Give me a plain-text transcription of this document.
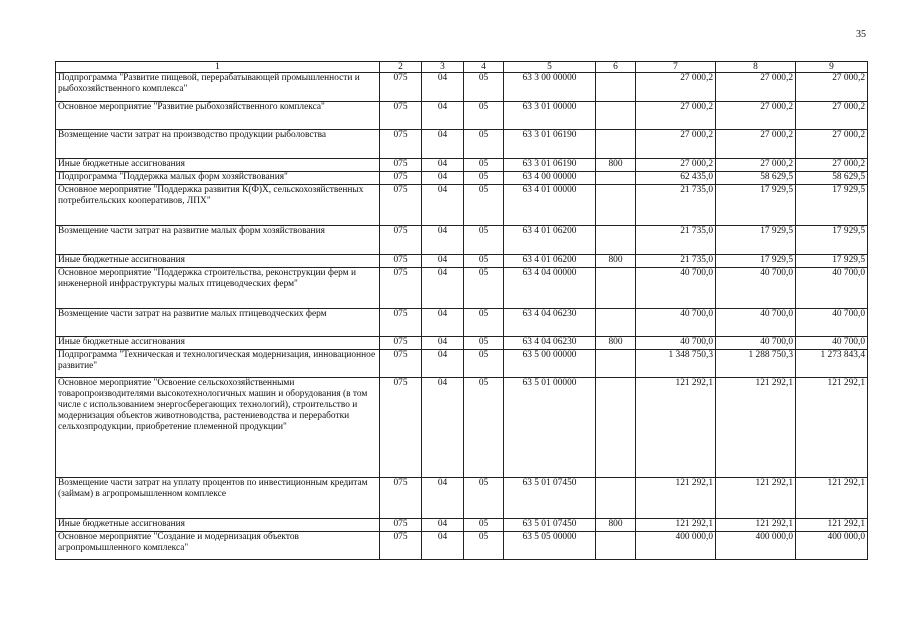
35
1	2	3	4	5	6	7	8	9
Подпрограмма "Развитие пищевой, перерабатывающей промышленности и рыбохозяйственного комплекса"	075	04	05	63 3 00 00000		27 000,2	27 000,2	27 000,2
Основное мероприятие "Развитие рыбохозяйственного комплекса"	075	04	05	63 3 01 00000		27 000,2	27 000,2	27 000,2
Возмещение части затрат на производство продукции рыболовства	075	04	05	63 3 01 06190		27 000,2	27 000,2	27 000,2
Иные бюджетные ассигнования	075	04	05	63 3 01 06190	800	27 000,2	27 000,2	27 000,2
Подпрограмма "Поддержка малых форм хозяйствования"	075	04	05	63 4 00 00000		62 435,0	58 629,5	58 629,5
Основное мероприятие "Поддержка развития К(Ф)Х, сельскохозяйственных потребительских кооперативов, ЛПХ"	075	04	05	63 4 01 00000		21 735,0	17 929,5	17 929,5
Возмещение части затрат на развитие малых форм хозяйствования	075	04	05	63 4 01 06200		21 735,0	17 929,5	17 929,5
Иные бюджетные ассигнования	075	04	05	63 4 01 06200	800	21 735,0	17 929,5	17 929,5
Основное мероприятие "Поддержка строительства, реконструкции ферм и инженерной инфраструктуры малых птицеводческих ферм"	075	04	05	63 4 04 00000		40 700,0	40 700,0	40 700,0
Возмещение части затрат на развитие малых птицеводческих ферм	075	04	05	63 4 04 06230		40 700,0	40 700,0	40 700,0
Иные бюджетные ассигнования	075	04	05	63 4 04 06230	800	40 700,0	40 700,0	40 700,0
Подпрограмма "Техническая и технологическая модернизация, инновационное развитие"	075	04	05	63 5 00 00000		1 348 750,3	1 288 750,3	1 273 843,4
Основное мероприятие "Освоение сельскохозяйственными товаропроизводителями высокотехнологичных машин и оборудования (в том числе с использованием энергосберегающих технологий), строительство и модернизация объектов животноводства, растениеводства и переработки сельхозпродукции, приобретение племенной продукции"	075	04	05	63 5 01 00000		121 292,1	121 292,1	121 292,1
Возмещение части затрат на уплату процентов по инвестиционным кредитам (займам) в агропромышленном комплексе	075	04	05	63 5 01 07450		121 292,1	121 292,1	121 292,1
Иные бюджетные ассигнования	075	04	05	63 5 01 07450	800	121 292,1	121 292,1	121 292,1
Основное мероприятие "Создание и модернизация объектов агропромышленного комплекса"	075	04	05	63 5 05 00000		400 000,0	400 000,0	400 000,0
